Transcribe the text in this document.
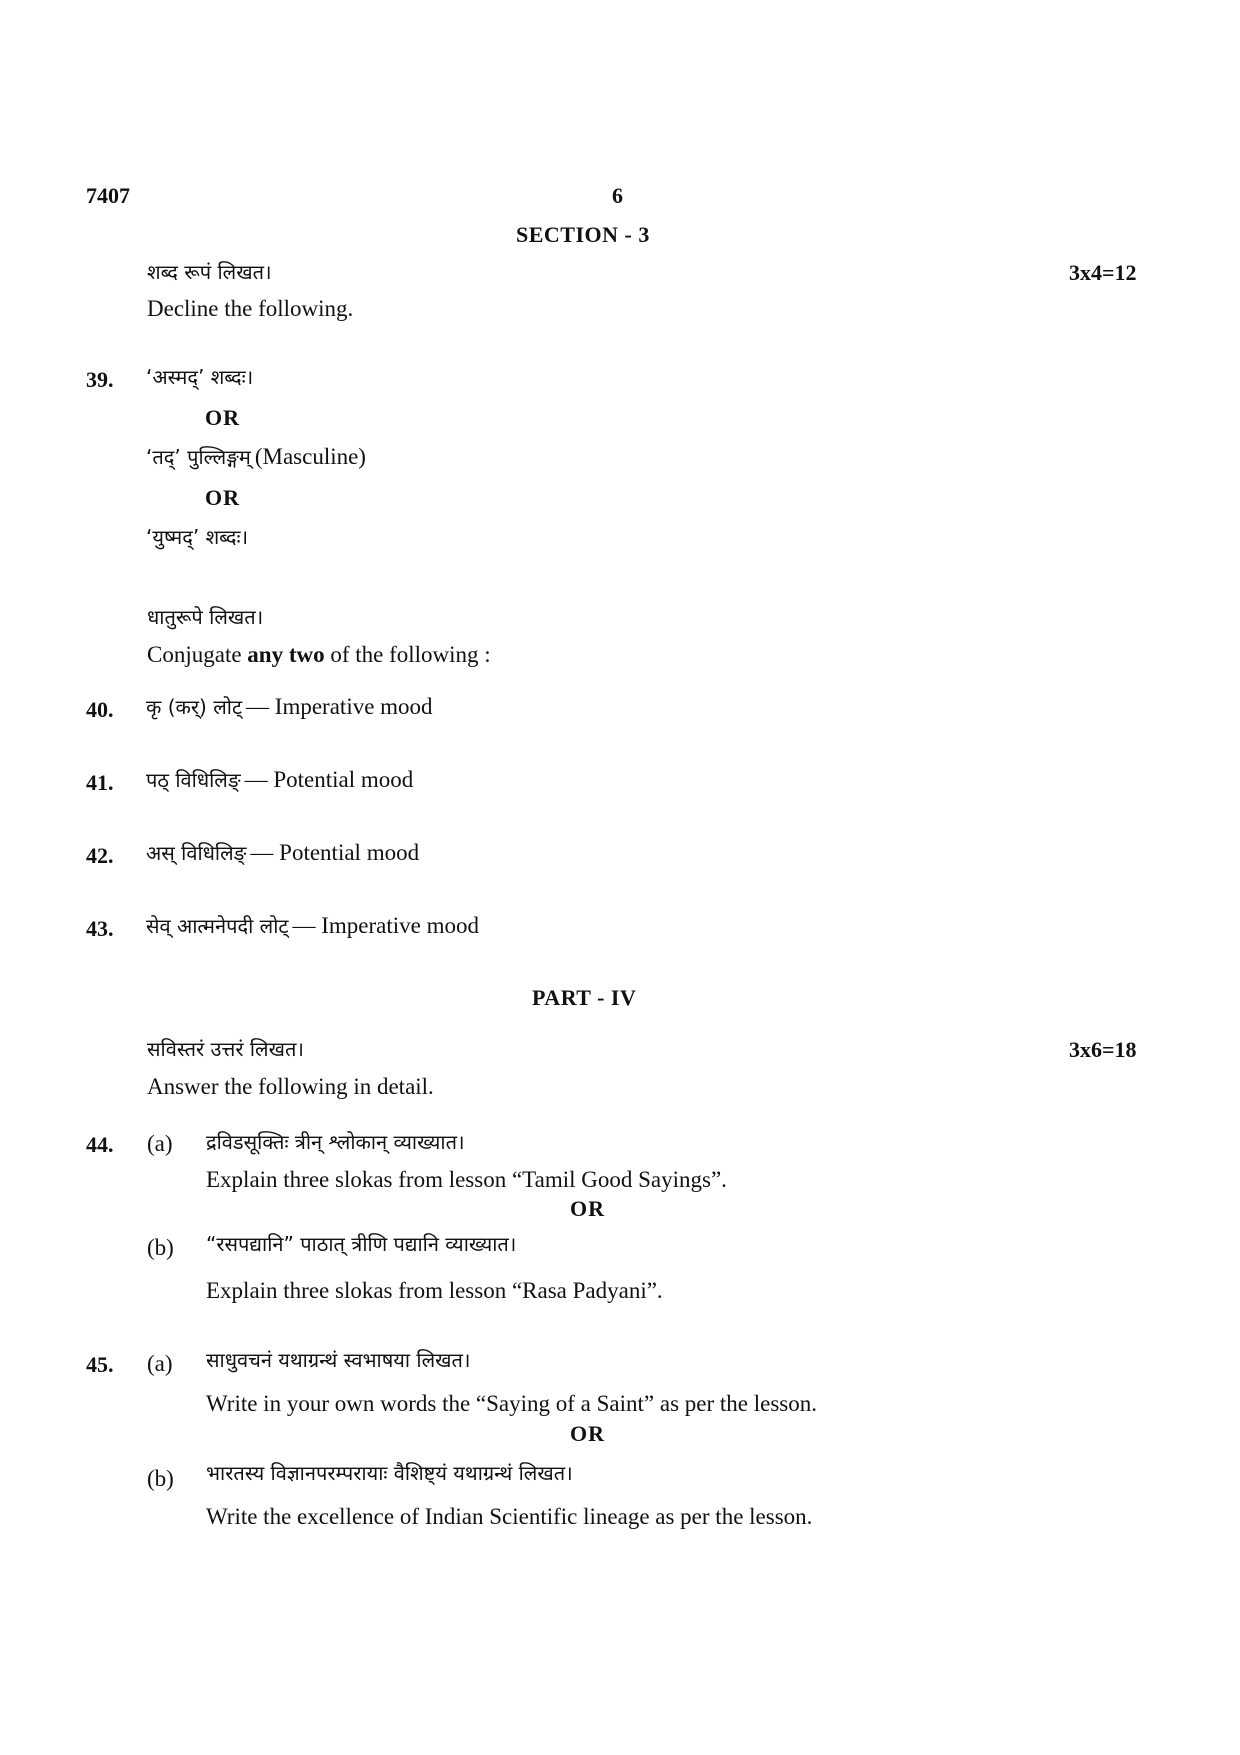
7407	6
SECTION - 3
शब्द रूपं लिखत।	3x4=12
Decline the following.
39. ‘अस्मद्’ शब्दः।
OR
‘तद्’ पुल्लिङ्गम् (Masculine)
OR
‘युष्मद्’ शब्दः।
धातुरूपे लिखत।
Conjugate any two of the following :
40. कृ (कर्) लोट् — Imperative mood
41. पठ् विधिलिङ् — Potential mood
42. अस् विधिलिङ् — Potential mood
43. सेव् आत्मनेपदी लोट् — Imperative mood
PART - IV
सविस्तरं उत्तरं लिखत।	3x6=18
Answer the following in detail.
44. (a) द्रविडसूक्तिः त्रीन् श्लोकान् व्याख्यात।
Explain three slokas from lesson “Tamil Good Sayings”.
OR
(b) “रसपद्यानि” पाठात् त्रीणि पद्यानि व्याख्यात।
Explain three slokas from lesson “Rasa Padyani”.
45. (a) साधुवचनं यथाग्रन्थं स्वभाषया लिखत।
Write in your own words the “Saying of a Saint” as per the lesson.
OR
(b) भारतस्य विज्ञानपरम्परायाः वैशिष्ट्यं यथाग्रन्थं लिखत।
Write the excellence of Indian Scientific lineage as per the lesson.
